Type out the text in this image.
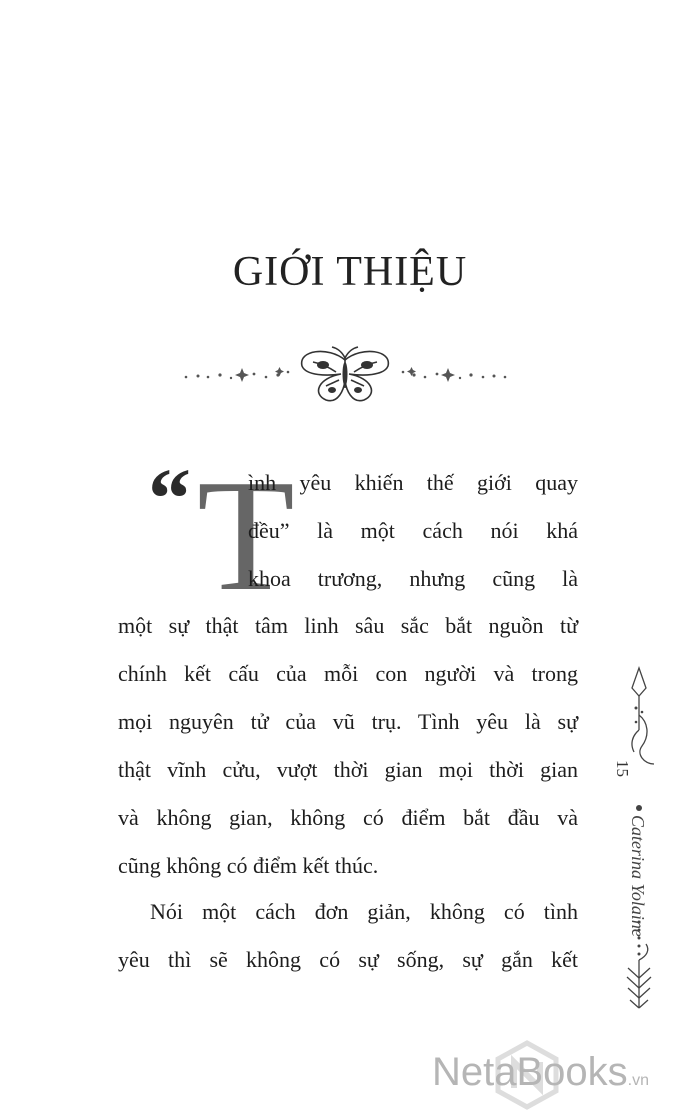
GIỚI THIỆU
“ T
ình yêu khiến thế giới quay
đều” là một cách nói khá
khoa trương, nhưng cũng là
một sự thật tâm linh sâu sắc bắt nguồn từ
chính kết cấu của mỗi con người và trong
mọi nguyên tử của vũ trụ. Tình yêu là sự
thật vĩnh cửu, vượt thời gian mọi thời gian
và không gian, không có điểm bắt đầu và
cũng không có điểm kết thúc.
Nói một cách đơn giản, không có tình
yêu thì sẽ không có sự sống, sự gắn kết
15
Caterina Yolaine
NetaBooks.vn
